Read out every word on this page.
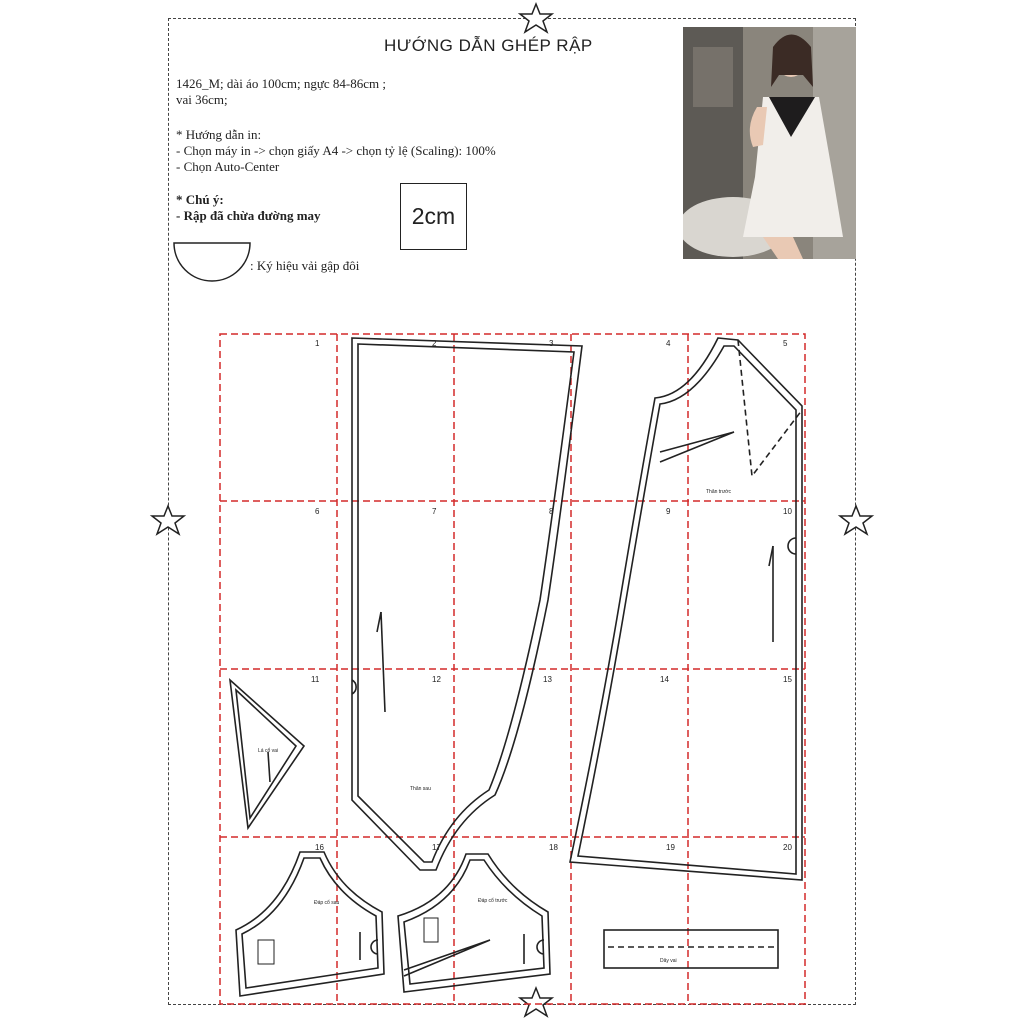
HƯỚNG DẪN GHÉP RẬP
1426_M; dài áo 100cm; ngực 84-86cm ;
vai 36cm;
* Hướng dẫn in:
- Chọn máy in -> chọn giấy A4 -> chọn tỷ lệ (Scaling): 100%
- Chọn Auto-Center
* Chú ý:
- Rập đã chừa đường may	2cm
: Ký hiệu vải gập đôi
Thân sau
Thân trước
Lá cổ vai
Đáp cổ sau	Đáp cổ trước
Dây vai
1	2	3	4	5
6	7	8	9	10
11	12	13	14	15
16	17	18	19	20
